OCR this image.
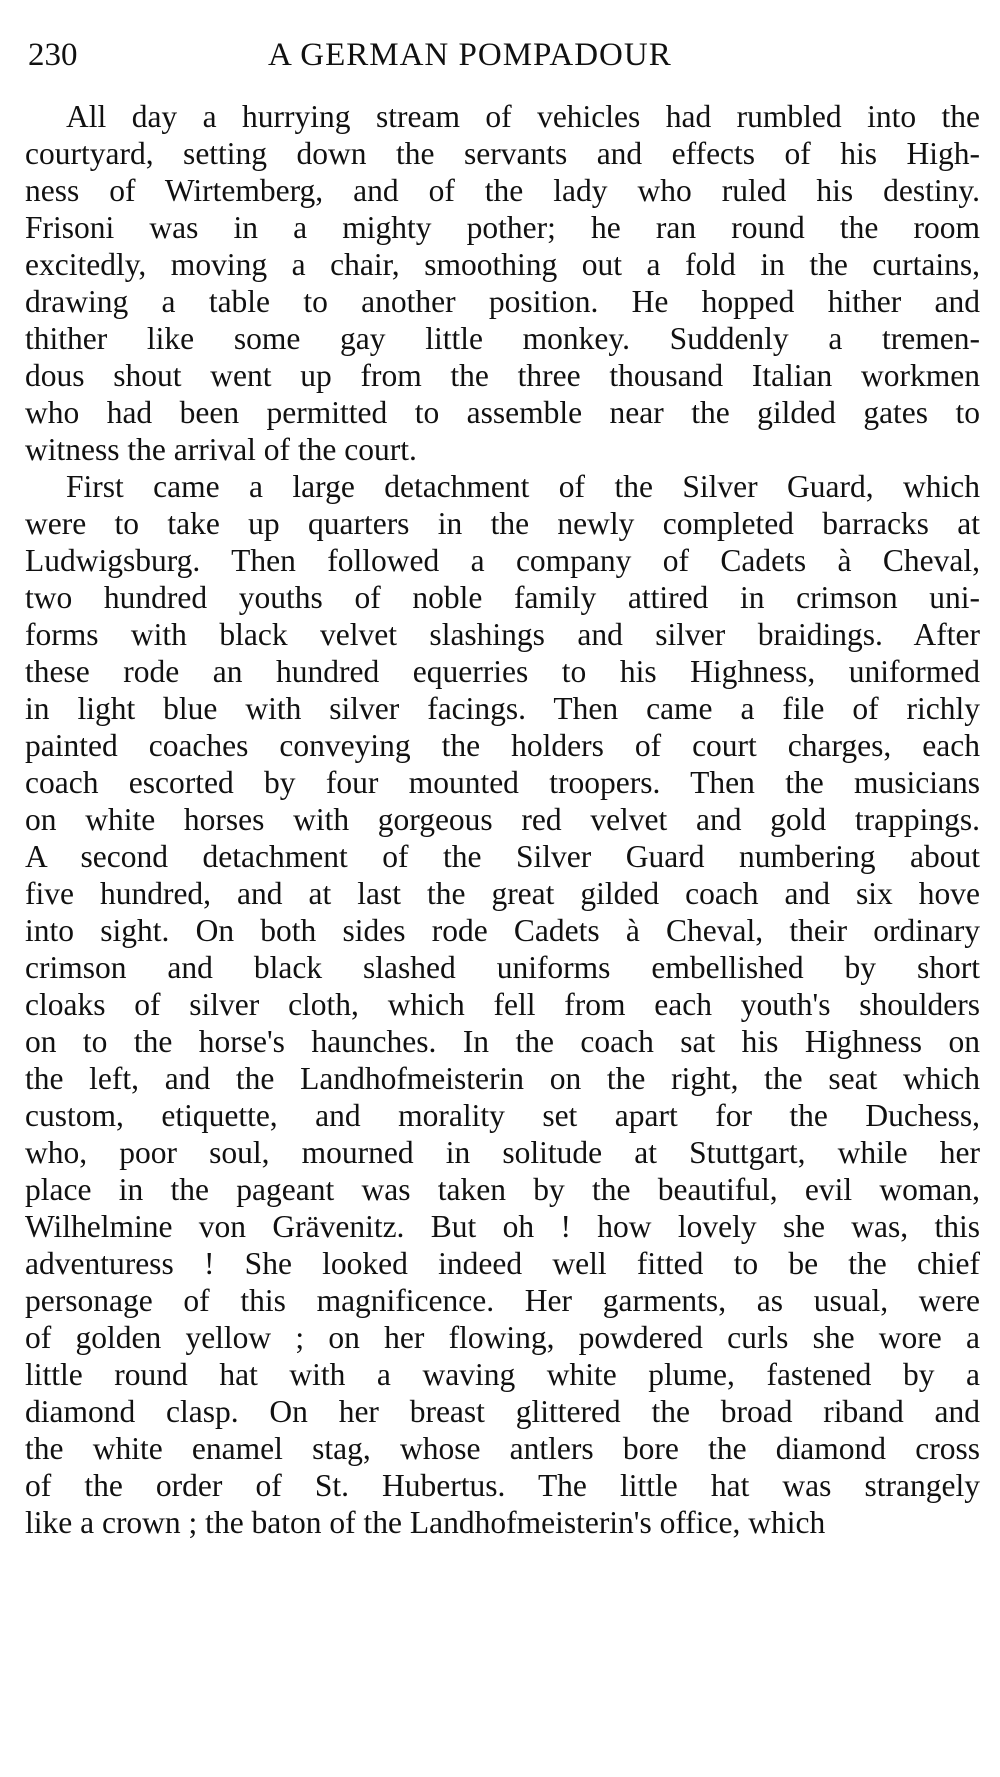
230	A GERMAN POMPADOUR
All day a hurrying stream of vehicles had rumbled into the
courtyard, setting down the servants and effects of his High-
ness of Wirtemberg, and of the lady who ruled his destiny.
Frisoni was in a mighty pother; he ran round the room
excitedly, moving a chair, smoothing out a fold in the curtains,
drawing a table to another position. He hopped hither and
thither like some gay little monkey. Suddenly a tremen-
dous shout went up from the three thousand Italian workmen
who had been permitted to assemble near the gilded gates to
witness the arrival of the court.
First came a large detachment of the Silver Guard, which
were to take up quarters in the newly completed barracks at
Ludwigsburg. Then followed a company of Cadets à Cheval,
two hundred youths of noble family attired in crimson uni-
forms with black velvet slashings and silver braidings. After
these rode an hundred equerries to his Highness, uniformed
in light blue with silver facings. Then came a file of richly
painted coaches conveying the holders of court charges, each
coach escorted by four mounted troopers. Then the musicians
on white horses with gorgeous red velvet and gold trappings.
A second detachment of the Silver Guard numbering about
five hundred, and at last the great gilded coach and six hove
into sight. On both sides rode Cadets à Cheval, their ordinary
crimson and black slashed uniforms embellished by short
cloaks of silver cloth, which fell from each youth's shoulders
on to the horse's haunches. In the coach sat his Highness on
the left, and the Landhofmeisterin on the right, the seat which
custom, etiquette, and morality set apart for the Duchess,
who, poor soul, mourned in solitude at Stuttgart, while her
place in the pageant was taken by the beautiful, evil woman,
Wilhelmine von Grävenitz. But oh ! how lovely she was, this
adventuress ! She looked indeed well fitted to be the chief
personage of this magnificence. Her garments, as usual, were
of golden yellow ; on her flowing, powdered curls she wore a
little round hat with a waving white plume, fastened by a
diamond clasp. On her breast glittered the broad riband and
the white enamel stag, whose antlers bore the diamond cross
of the order of St. Hubertus. The little hat was strangely
like a crown ; the baton of the Landhofmeisterin's office, which
